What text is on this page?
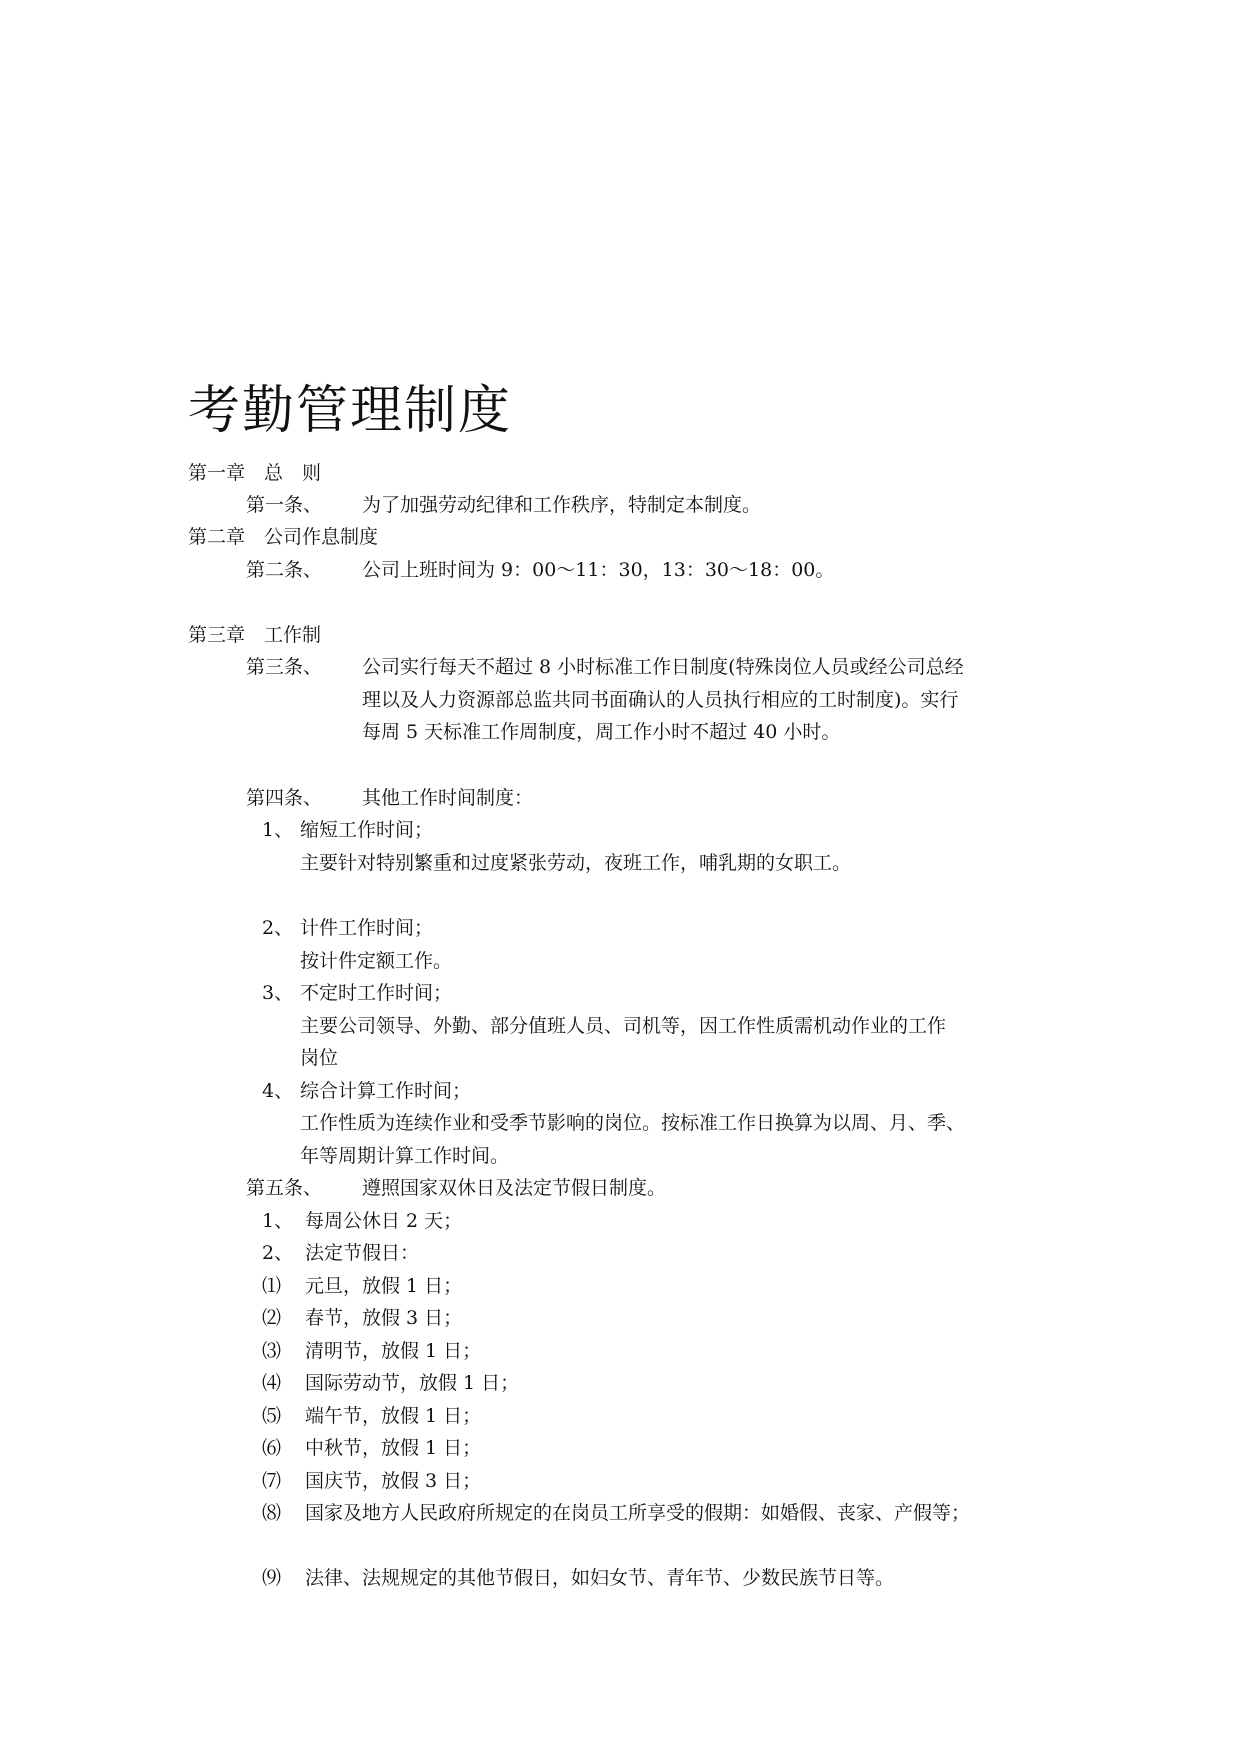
考勤管理制度
第一章 总　则
第一条、 为了加强劳动纪律和工作秩序，特制定本制度。
第二章 公司作息制度
第二条、 公司上班时间为 9：00～11：30，13：30～18：00。
第三章 工作制
第三条、 公司实行每天不超过 8 小时标准工作日制度(特殊岗位人员或经公司总经
理以及人力资源部总监共同书面确认的人员执行相应的工时制度)。实行
每周 5 天标准工作周制度，周工作小时不超过 40 小时。
第四条、 其他工作时间制度：
1、 缩短工作时间；
主要针对特别繁重和过度紧张劳动，夜班工作，哺乳期的女职工。
2、 计件工作时间；
按计件定额工作。
3、 不定时工作时间；
主要公司领导、外勤、部分值班人员、司机等，因工作性质需机动作业的工作
岗位
4、 综合计算工作时间；
工作性质为连续作业和受季节影响的岗位。按标准工作日换算为以周、月、季、
年等周期计算工作时间。
第五条、 遵照国家双休日及法定节假日制度。
1、 每周公休日 2 天；
2、 法定节假日：
⑴ 元旦，放假 1 日；
⑵ 春节，放假 3 日；
⑶ 清明节，放假 1 日；
⑷ 国际劳动节，放假 1 日；
⑸ 端午节，放假 1 日；
⑹ 中秋节，放假 1 日；
⑺ 国庆节，放假 3 日；
⑻ 国家及地方人民政府所规定的在岗员工所享受的假期：如婚假、丧家、产假等；
⑼ 法律、法规规定的其他节假日，如妇女节、青年节、少数民族节日等。
